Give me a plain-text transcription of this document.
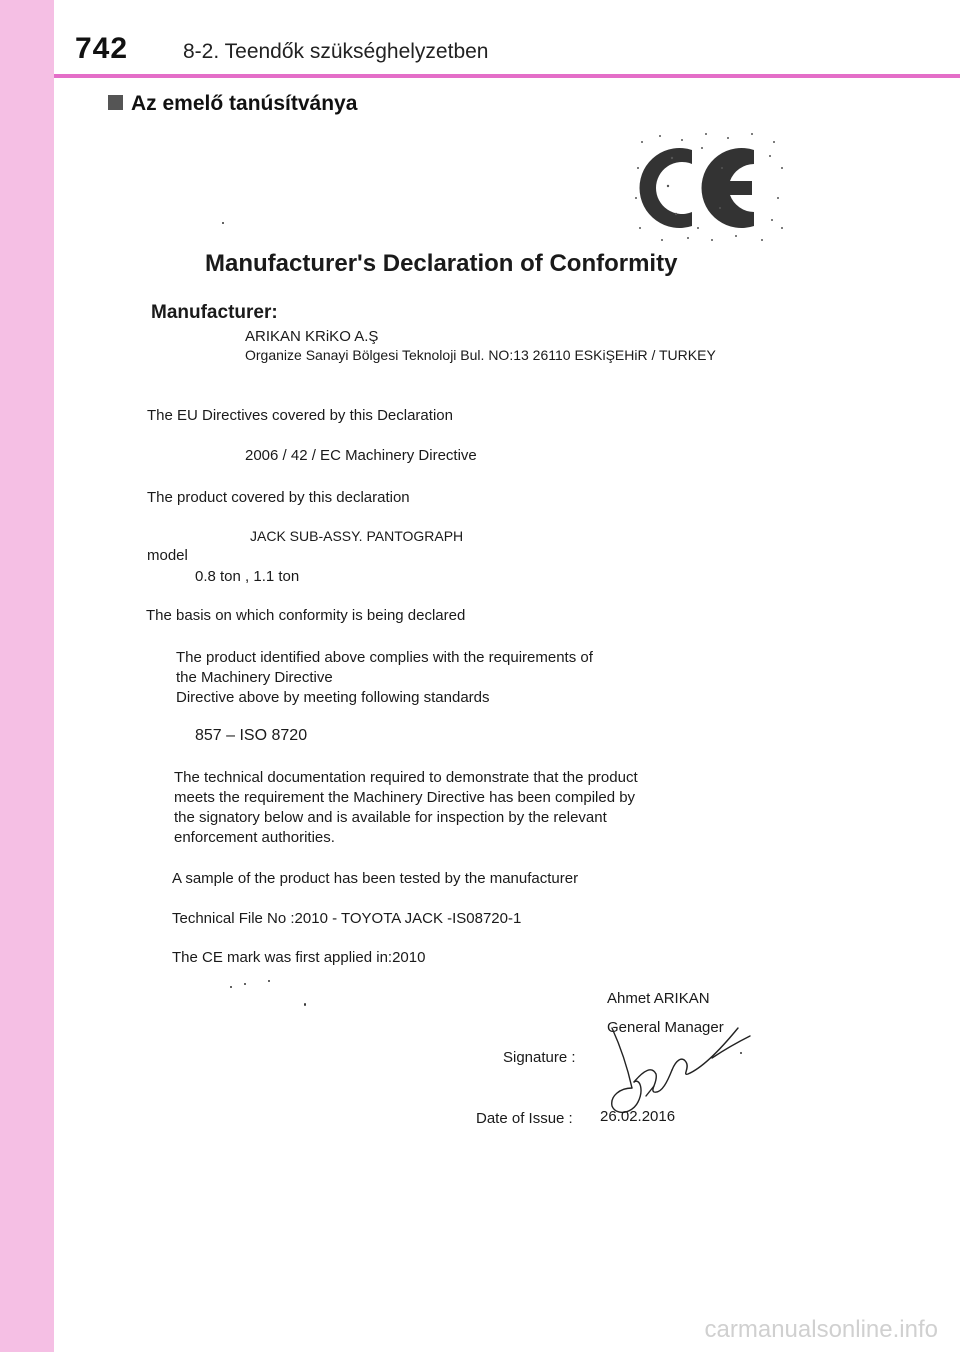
742	8-2. Teendők szükséghelyzetben
Az emelő tanúsítványa
Manufacturer's Declaration of Conformity
Manufacturer:
ARIKAN KRiKO A.Ş
Organize Sanayi Bölgesi Teknoloji Bul. NO:13 26110 ESKiŞEHiR / TURKEY
The EU Directives covered by this Declaration
2006 / 42 / EC Machinery Directive
The product covered by this declaration
JACK SUB-ASSY. PANTOGRAPH
model
0.8 ton , 1.1 ton
The basis on which conformity is being declared
The product identified above complies with the requirements of
the Machinery Directive
Directive above by meeting following standards
857 – ISO 8720
The technical documentation required to demonstrate that the product
meets the requirement the Machinery Directive has been compiled by
the signatory below and is available for inspection by the relevant
enforcement authorities.
A sample of the product has been tested by the manufacturer
Technical File No :2010 - TOYOTA JACK -IS08720-1
The CE mark was first applied in:2010
Ahmet ARIKAN
General Manager
Signature :
Date of Issue : 26.02.2016
carmanualsonline.info
